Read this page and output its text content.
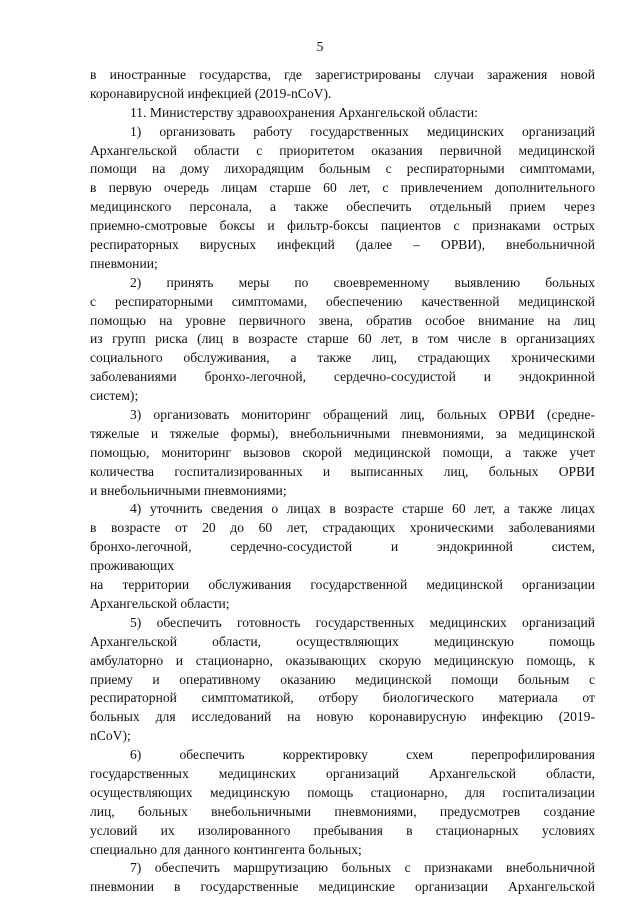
5
в иностранные государства, где зарегистрированы случаи заражения новой
коронавирусной инфекцией (2019-nCoV).
11. Министерству здравоохранения Архангельской области:
1) организовать работу государственных медицинских организаций
Архангельской области с приоритетом оказания первичной медицинской
помощи на дому лихорадящим больным с респираторными симптомами,
в первую очередь лицам старше 60 лет, с привлечением дополнительного
медицинского персонала, а также обеспечить отдельный прием через
приемно-смотровые боксы и фильтр-боксы пациентов с признаками острых
респираторных вирусных инфекций (далее – ОРВИ), внебольничной
пневмонии;
2) принять меры по своевременному выявлению больных
с респираторными симптомами, обеспечению качественной медицинской
помощью на уровне первичного звена, обратив особое внимание на лиц
из групп риска (лиц в возрасте старше 60 лет, в том числе в организациях
социального обслуживания, а также лиц, страдающих хроническими
заболеваниями бронхо-легочной, сердечно-сосудистой и эндокринной
систем);
3) организовать мониторинг обращений лиц, больных ОРВИ (средне-
тяжелые и тяжелые формы), внебольничными пневмониями, за медицинской
помощью, мониторинг вызовов скорой медицинской помощи, а также учет
количества госпитализированных и выписанных лиц, больных ОРВИ
и внебольничными пневмониями;
4) уточнить сведения о лицах в возрасте старше 60 лет, а также лицах
в возрасте от 20 до 60 лет, страдающих хроническими заболеваниями
бронхо-легочной, сердечно-сосудистой и эндокринной систем,
проживающих
на территории обслуживания государственной медицинской организации
Архангельской области;
5) обеспечить готовность государственных медицинских организаций
Архангельской области, осуществляющих медицинскую помощь
амбулаторно и стационарно, оказывающих скорую медицинскую помощь, к
приему и оперативному оказанию медицинской помощи больным с
респираторной симптоматикой, отбору биологического материала от
больных для исследований на новую коронавирусную инфекцию (2019-
nCoV);
6) обеспечить корректировку схем перепрофилирования
государственных медицинских организаций Архангельской области,
осуществляющих медицинскую помощь стационарно, для госпитализации
лиц, больных внебольничными пневмониями, предусмотрев создание
условий их изолированного пребывания в стационарных условиях
специально для данного контингента больных;
7) обеспечить маршрутизацию больных с признаками внебольничной
пневмонии в государственные медицинские организации Архангельской
